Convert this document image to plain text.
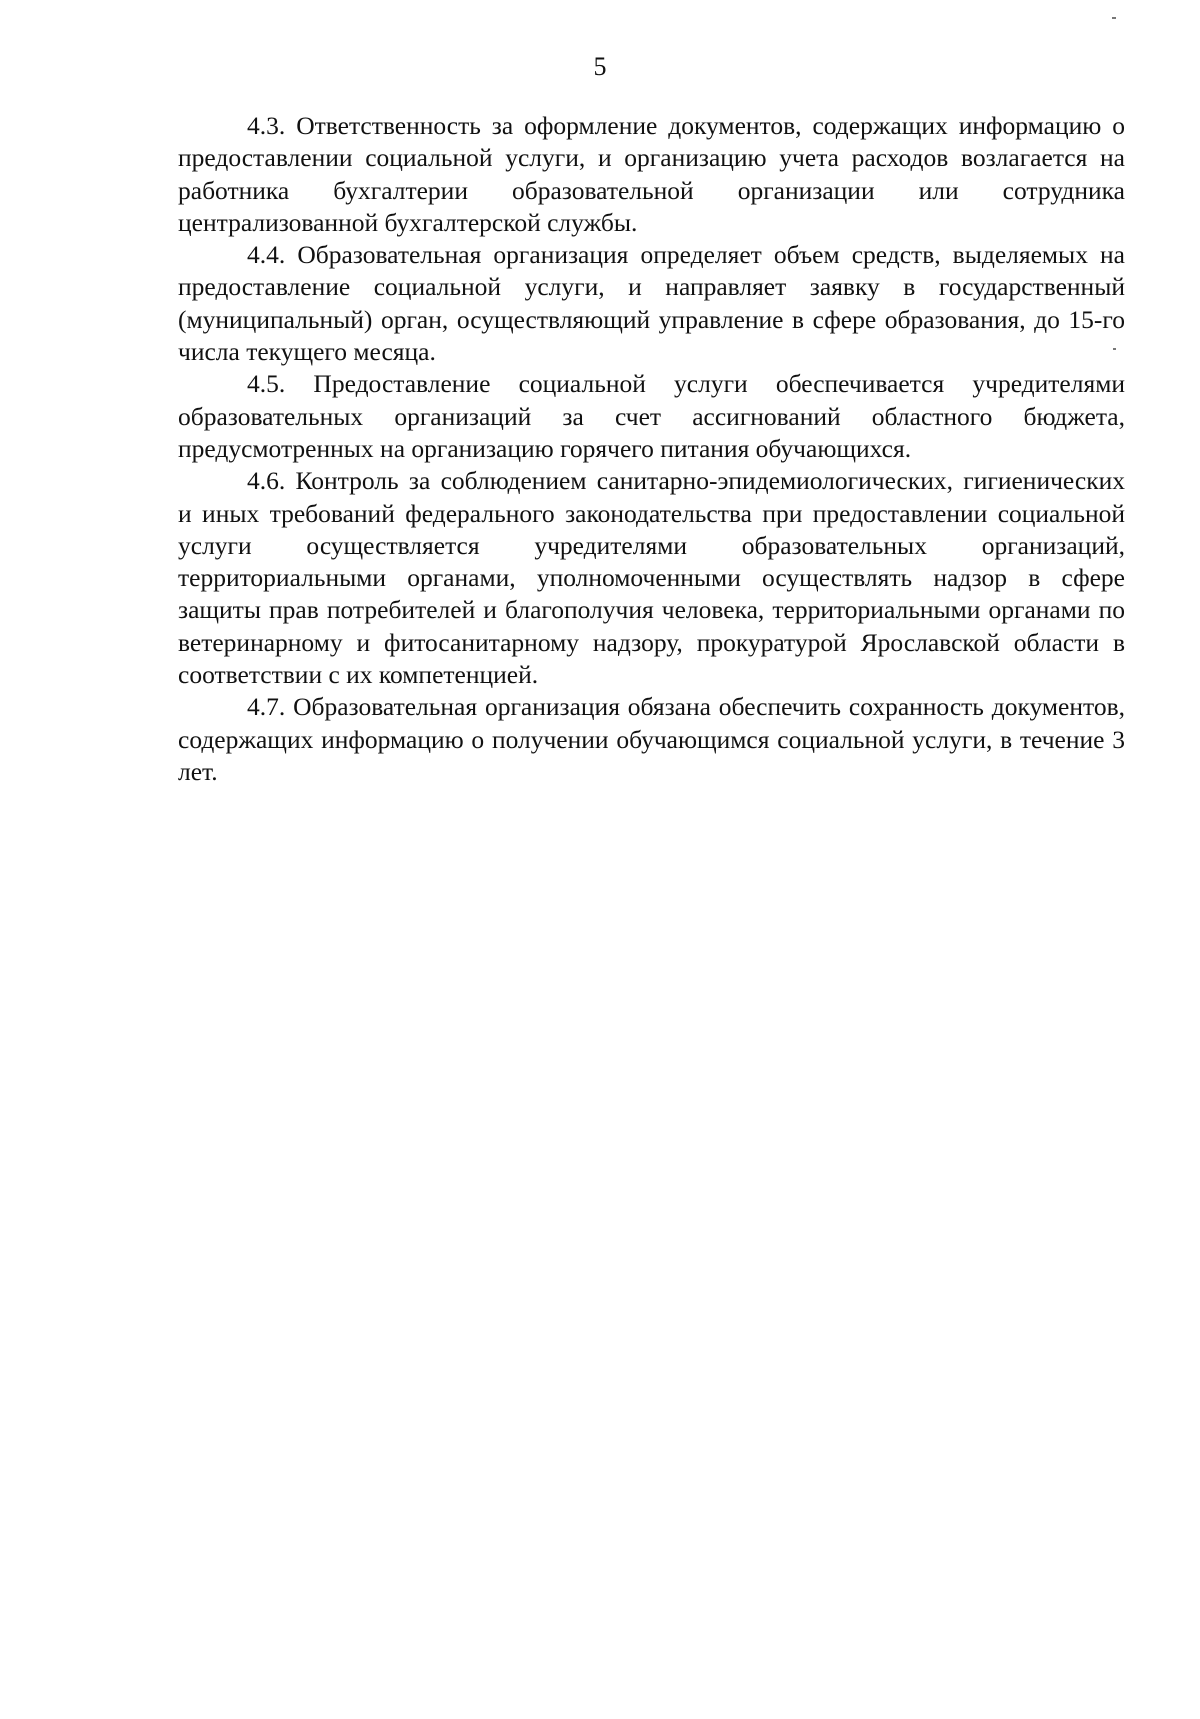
5

4.3. Ответственность за оформление документов, содержащих информацию о предоставлении социальной услуги, и организацию учета расходов возлагается на работника бухгалтерии образовательной организации или сотрудника централизованной бухгалтерской службы.

4.4. Образовательная организация определяет объем средств, выделяемых на предоставление социальной услуги, и направляет заявку в государственный (муниципальный) орган, осуществляющий управление в сфере образования, до 15-го числа текущего месяца.

4.5. Предоставление социальной услуги обеспечивается учредителями образовательных организаций за счет ассигнований областного бюджета, предусмотренных на организацию горячего питания обучающихся.

4.6. Контроль за соблюдением санитарно-эпидемиологических, гигиенических и иных требований федерального законодательства при предоставлении социальной услуги осуществляется учредителями образовательных организаций, территориальными органами, уполномоченными осуществлять надзор в сфере защиты прав потребителей и благополучия человека, территориальными органами по ветеринарному и фитосанитарному надзору, прокуратурой Ярославской области в соответствии с их компетенцией.

4.7. Образовательная организация обязана обеспечить сохранность документов, содержащих информацию о получении обучающимся социальной услуги, в течение 3 лет.
